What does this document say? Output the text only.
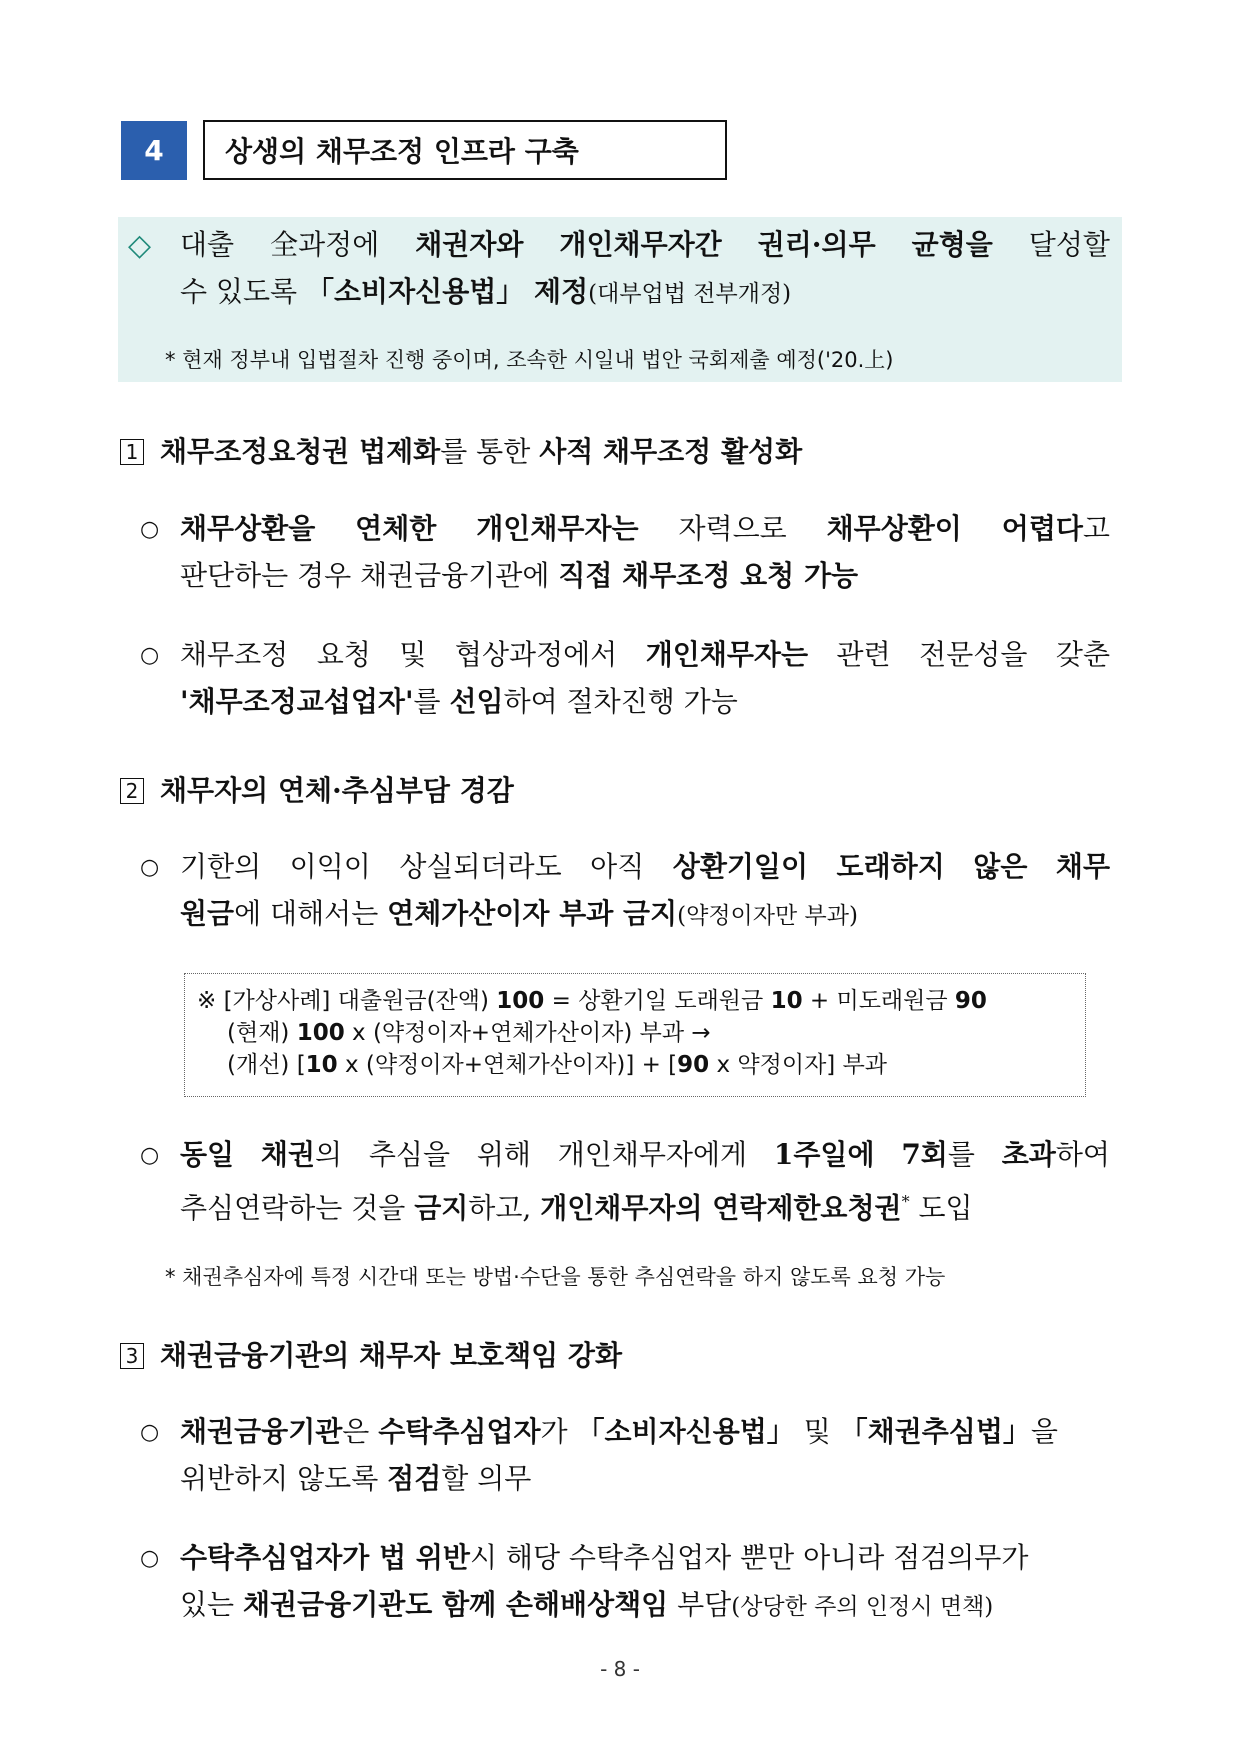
4	상생의 채무조정 인프라 구축
◇ 대출 全과정에 채권자와 개인채무자간 권리·의무 균형을 달성할
수 있도록 「소비자신용법」 제정(대부업법 전부개정)
* 현재 정부내 입법절차 진행 중이며, 조속한 시일내 법안 국회제출 예정('20.上)
1 채무조정요청권 법제화를 통한 사적 채무조정 활성화
○ 채무상환을 연체한 개인채무자는 자력으로 채무상환이 어렵다고
판단하는 경우 채권금융기관에 직접 채무조정 요청 가능
○ 채무조정 요청 및 협상과정에서 개인채무자는 관련 전문성을 갖춘
'채무조정교섭업자'를 선임하여 절차진행 가능
2 채무자의 연체·추심부담 경감
○ 기한의 이익이 상실되더라도 아직 상환기일이 도래하지 않은 채무
원금에 대해서는 연체가산이자 부과 금지(약정이자만 부과)
※ [가상사례] 대출원금(잔액) 100 = 상환기일 도래원금 10 + 미도래원금 90
(현재) 100 x (약정이자+연체가산이자) 부과 →
(개선) [10 x (약정이자+연체가산이자)] + [90 x 약정이자] 부과
○ 동일 채권의 추심을 위해 개인채무자에게 1주일에 7회를 초과하여
추심연락하는 것을 금지하고, 개인채무자의 연락제한요청권* 도입
* 채권추심자에 특정 시간대 또는 방법·수단을 통한 추심연락을 하지 않도록 요청 가능
3 채권금융기관의 채무자 보호책임 강화
○ 채권금융기관은 수탁추심업자가 「소비자신용법」 및 「채권추심법」을
위반하지 않도록 점검할 의무
○ 수탁추심업자가 법 위반시 해당 수탁추심업자 뿐만 아니라 점검의무가
있는 채권금융기관도 함께 손해배상책임 부담(상당한 주의 인정시 면책)
- 8 -
